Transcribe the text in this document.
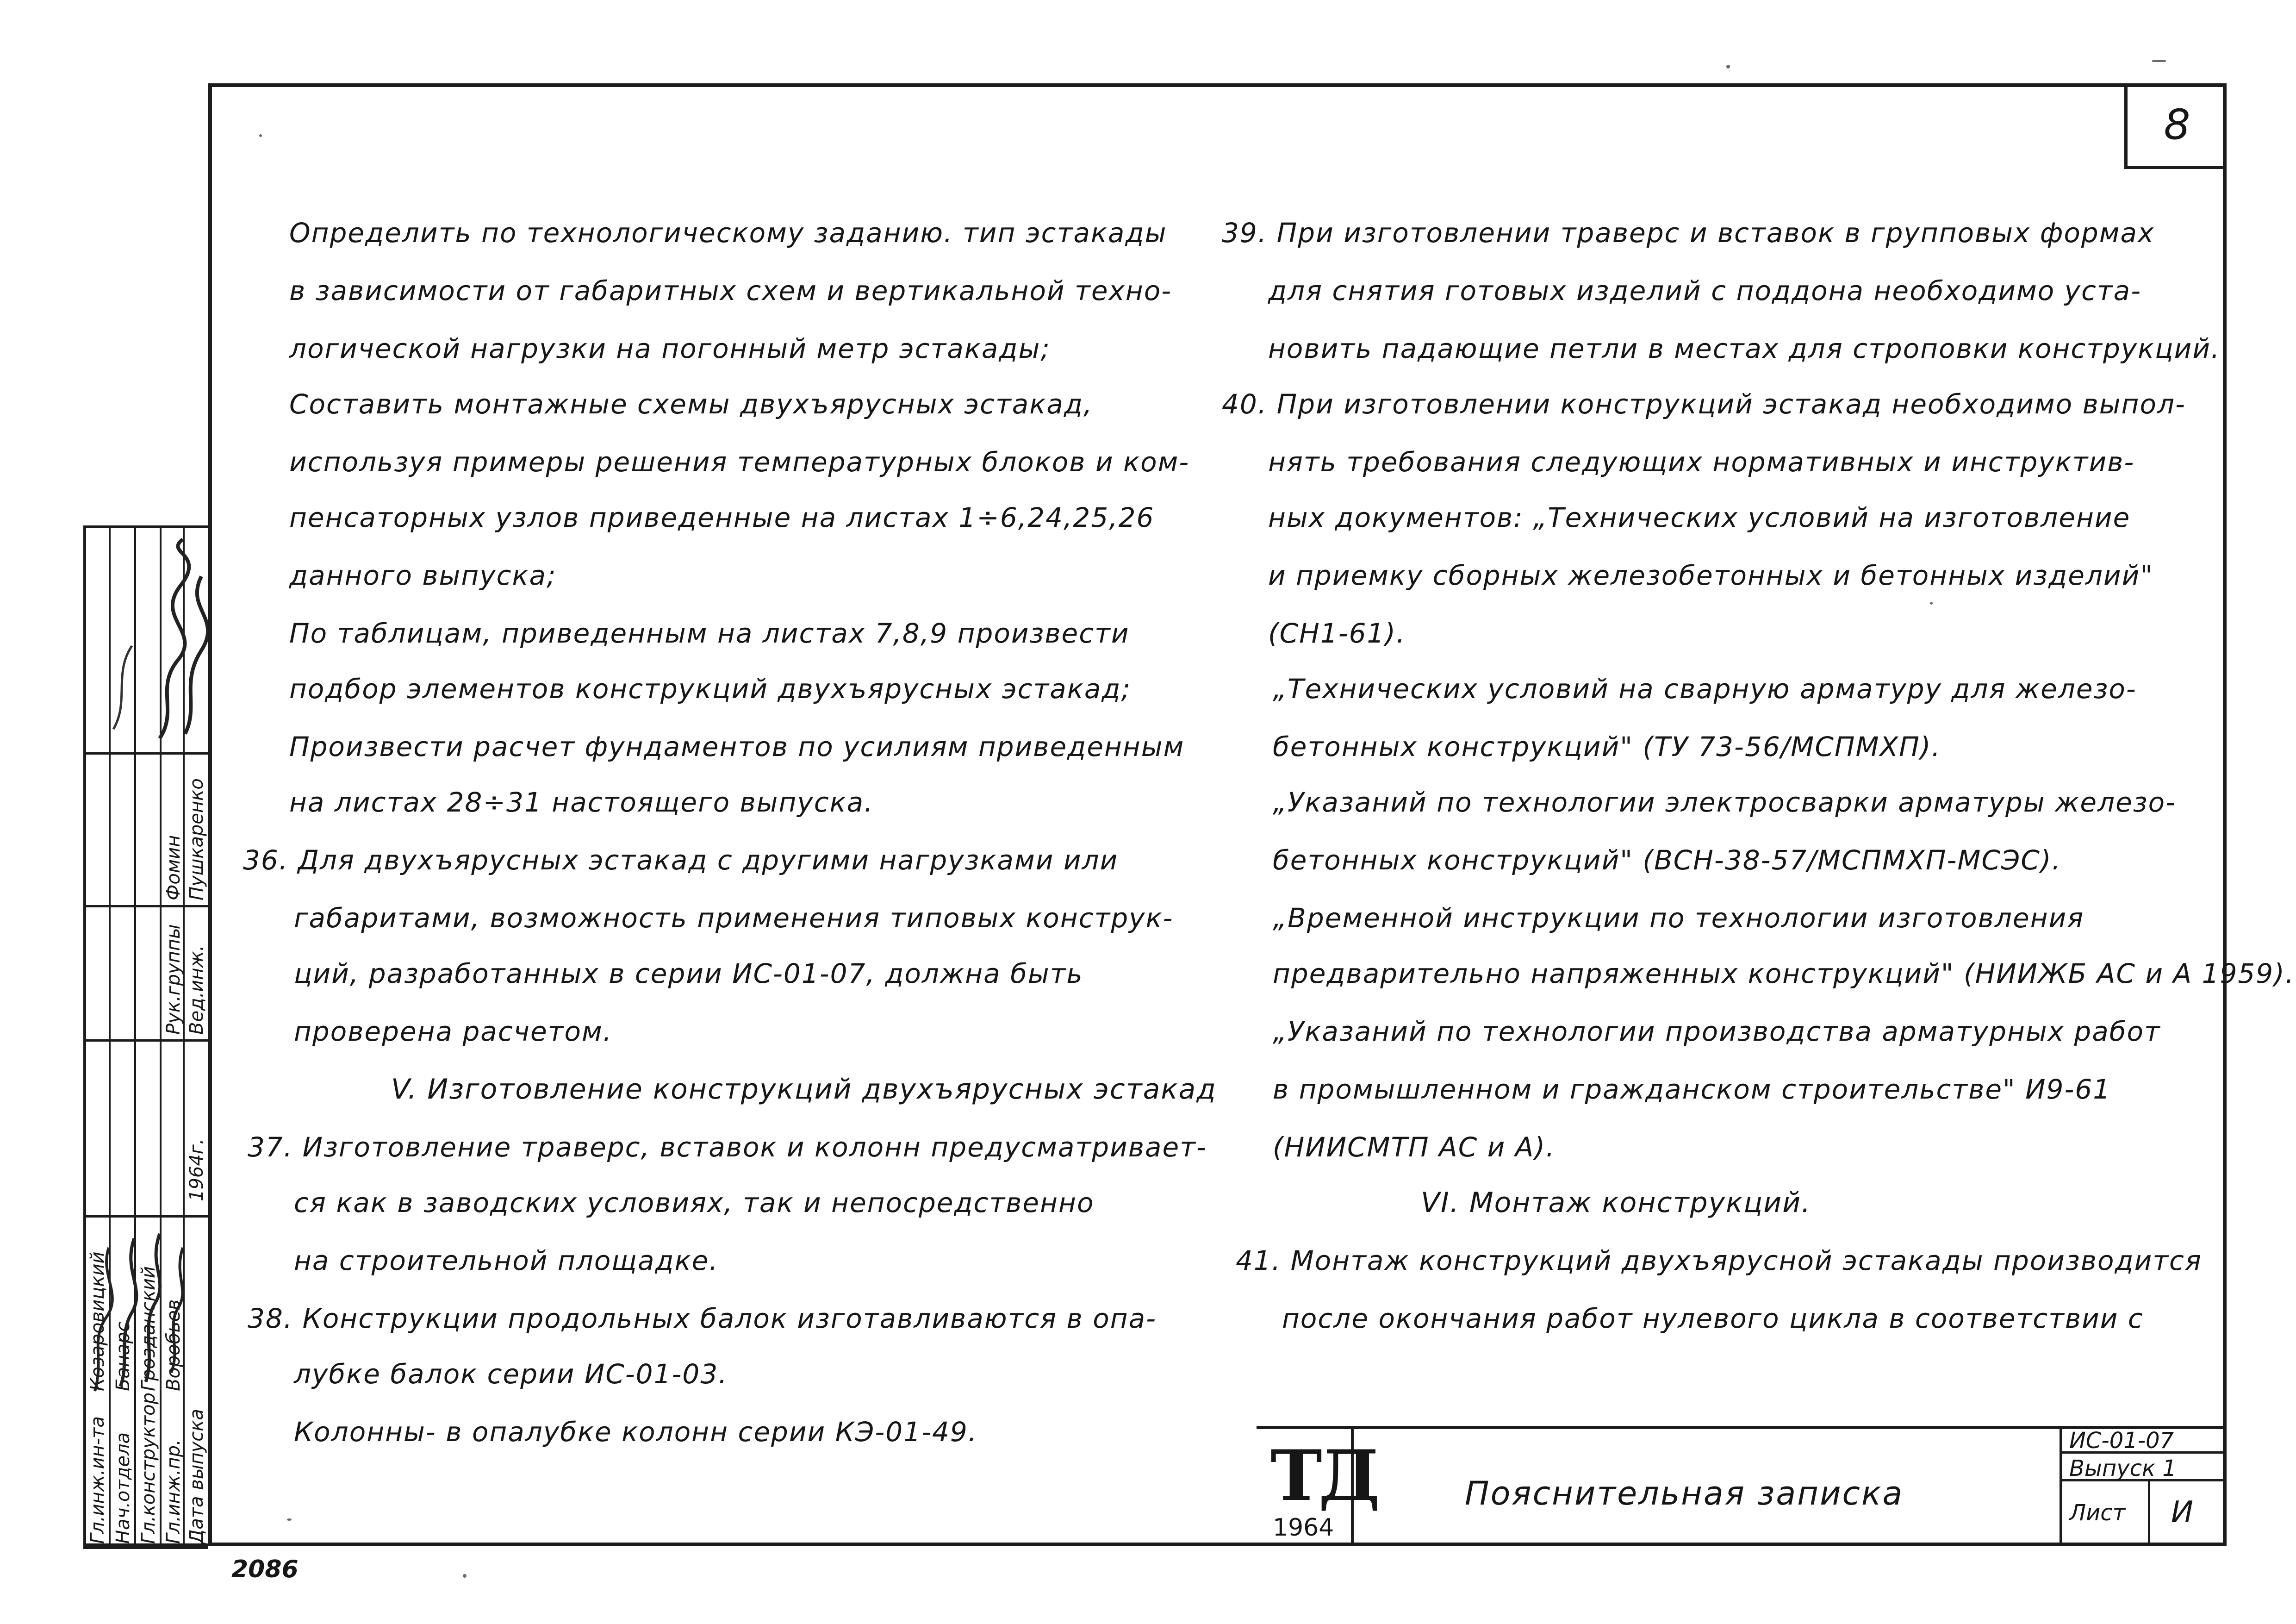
8
Определить по технологическому заданию. тип эстакады
в зависимости от габаритных схем и вертикальной техно-
логической нагрузки на погонный метр эстакады;
Составить монтажные схемы двухъярусных эстакад,
используя примеры решения температурных блоков и ком-
пенсаторных узлов приведенные на листах 1÷6,24,25,26
данного выпуска;
По таблицам, приведенным на листах 7,8,9 произвести
подбор элементов конструкций двухъярусных эстакад;
Произвести расчет фундаментов по усилиям приведенным
на листах 28÷31 настоящего выпуска.
36. Для двухъярусных эстакад с другими нагрузками или
габаритами, возможность применения типовых конструк-
ций, разработанных в серии ИС-01-07, должна быть
проверена расчетом.
V. Изготовление конструкций двухъярусных эстакад
37. Изготовление траверс, вставок и колонн предусматривает-
ся как в заводских условиях, так и непосредственно
на строительной площадке.
38. Конструкции продольных балок изготавливаются в опа-
лубке балок серии ИС-01-03.
Колонны- в опалубке колонн серии КЭ-01-49.
39. При изготовлении траверс и вставок в групповых формах
для снятия готовых изделий с поддона необходимо уста-
новить падающие петли в местах для строповки конструкций.
40. При изготовлении конструкций эстакад необходимо выпол-
нять требования следующих нормативных и инструктив-
ных документов: „Технических условий на изготовление
и приемку сборных железобетонных и бетонных изделий"
(СН1-61).
„Технических условий на сварную арматуру для железо-
бетонных конструкций" (ТУ 73-56/МСПМХП).
„Указаний по технологии электросварки арматуры железо-
бетонных конструкций" (ВСН-38-57/МСПМХП-МСЭС).
„Временной инструкции по технологии изготовления
предварительно напряженных конструкций" (НИИЖБ АС и А 1959).
„Указаний по технологии производства арматурных работ
в промышленном и гражданском строительстве" И9-61
(НИИСМТП АС и А).
VI. Монтаж конструкций.
41. Монтаж конструкций двухъярусной эстакады производится
после окончания работ нулевого цикла в соответствии с
ТД
1964
Пояснительная записка
ИС-01-07
Выпуск 1
Лист И
Гл.инж.ин-та Нач.отдела Гл.конструктор Гл.инж.пр. Дата выпуска
Козаровицкий Банарс Грозданский Воробьев
1964г.
Рук.группы Вед.инж.
Фомин Пушкаренко
2086
